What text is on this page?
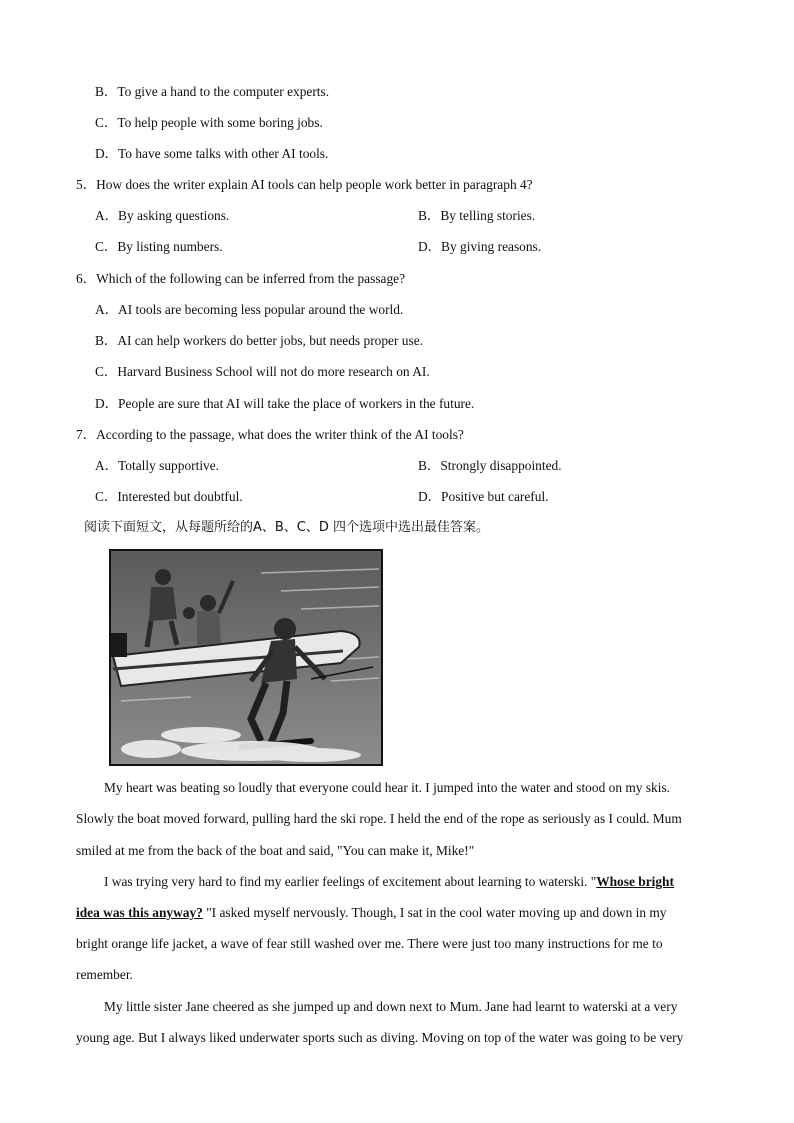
B．To give a hand to the computer experts.
C．To help people with some boring jobs.
D．To have some talks with other AI tools.
5．How does the writer explain AI tools can help people work better in paragraph 4?
A．By asking questions.	B．By telling stories.
C．By listing numbers.	D．By giving reasons.
6．Which of the following can be inferred from the passage?
A．AI tools are becoming less popular around the world.
B．AI can help workers do better jobs, but needs proper use.
C．Harvard Business School will not do more research on AI.
D．People are sure that AI will take the place of workers in the future.
7．According to the passage, what does the writer think of the AI tools?
A．Totally supportive.	B．Strongly disappointed.
C．Interested but doubtful.	D．Positive but careful.
阅读下面短文，从每题所给的A、B、C、D 四个选项中选出最佳答案。
My heart was beating so loudly that everyone could hear it. I jumped into the water and stood on my skis.
Slowly the boat moved forward, pulling hard the ski rope. I held the end of the rope as seriously as I could. Mum
smiled at me from the back of the boat and said, "You can make it, Mike!"
I was trying very hard to find my earlier feelings of excitement about learning to waterski. "Whose bright
idea was this anyway? "I asked myself nervously. Though, I sat in the cool water moving up and down in my
bright orange life jacket, a wave of fear still washed over me. There were just too many instructions for me to
remember.
My little sister Jane cheered as she jumped up and down next to Mum. Jane had learnt to waterski at a very
young age. But I always liked underwater sports such as diving. Moving on top of the water was going to be very
